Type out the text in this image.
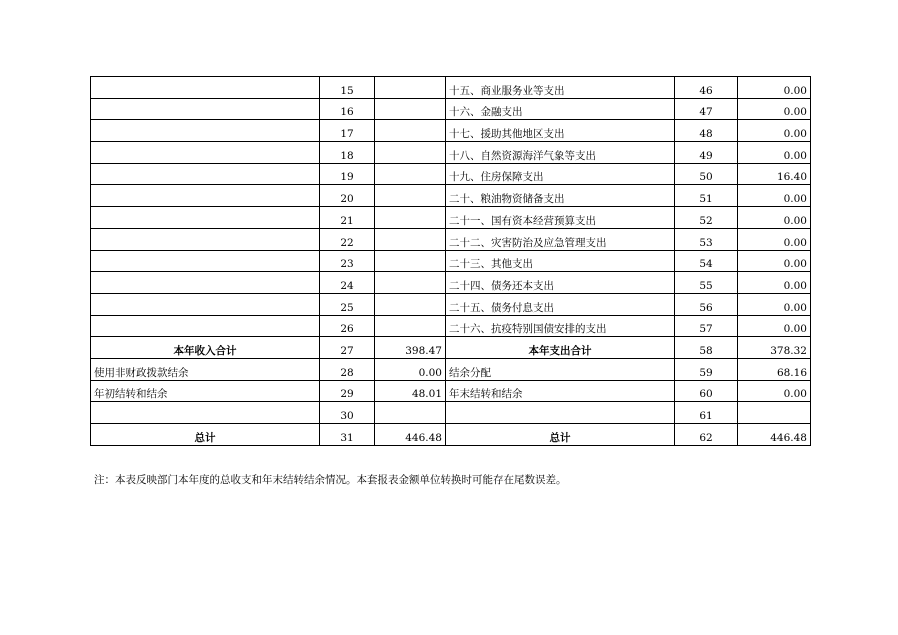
	15		十五、商业服务业等支出	46	0.00
	16		十六、金融支出	47	0.00
	17		十七、援助其他地区支出	48	0.00
	18		十八、自然资源海洋气象等支出	49	0.00
	19		十九、住房保障支出	50	16.40
	20		二十、粮油物资储备支出	51	0.00
	21		二十一、国有资本经营预算支出	52	0.00
	22		二十二、灾害防治及应急管理支出	53	0.00
	23		二十三、其他支出	54	0.00
	24		二十四、债务还本支出	55	0.00
	25		二十五、债务付息支出	56	0.00
	26		二十六、抗疫特别国债安排的支出	57	0.00
本年收入合计	27	398.47	本年支出合计	58	378.32
使用非财政拨款结余	28	0.00	结余分配	59	68.16
年初结转和结余	29	48.01	年末结转和结余	60	0.00
	30			61	
总计	31	446.48	总计	62	446.48
注：本表反映部门本年度的总收支和年末结转结余情况。本套报表金额单位转换时可能存在尾数误差。
